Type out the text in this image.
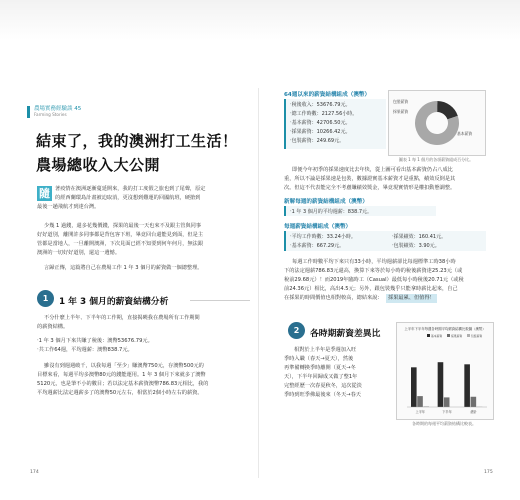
農場實務經驗談 45
Farming Stories
結束了，我的澳洲打工生活！
農場總收入大公開
隨 著疫情在澳洲逐漸蔓延開來，我的打工度假之旅也到了尾聲，原定
的經西蘭環島計畫被迫取消，更沒想到難運的回國航班，硬搶到
最後一趟飛航才到達台灣。
少幾 1 過錢，還多花幾價錢，探果的最後一天也來不及跟主管與同事
好好道別，離開許多同事都是背包客下班，畢竟回台還能見到面，但是主
管都是當地人，一旦離開澳洲，下次見面已經不知要到何年何月，無法跟
澳洲的一切好好道別，還這一遺憾。
言歸正傳，這篇將自己在農場工作 1 年 3 個月的薪資做一個總整理。
1	1 年 3 個月的薪資結構分析
不分什麼上半年、下半年的工作期，直接揭曉我在農場所有工作期間
的薪資結構。
‧1 年 3 個月下來共賺了稅後：澳幣53676.79元。
‧共工作64週，平均週薪：澳幣838.7元。
雖沒有到週週破千，以我每週「至少」賺澳幣750元，存澳幣500元的
目標來看，每週平均多澳幣80元的錢能運用。1 年 3 個月下來就多了澳幣
5120元，也是筆不小的數目；若以法定基本薪資澳幣786.83元相比，我的
平均週薪比法定週薪多了的澳幣50元左右，相當於2個小時左右的薪資。
174
64週以來的薪資結構組成（澳幣）
‧稅後收入：53676.79元。
‧總工作時數：2127.56小時。
‧基本薪資：42706.50元。
‧採果薪資：10266.42元。
‧包裝薪資：249.69元。
包裝薪資
採果薪資
基本薪資
圖表 1 每 1 個月的各項薪資組成百分比。
即便今年初季的採果速度比去年快，從上圖可看出基本薪資仍占八成比
重，所以不論是採果速是包裝，數據證實基本薪資才是重點，績效反倒是其
次。但這不代表能完全不考慮賺績效獎金，畢竟現實情形是權扣動態調整。
新解每週的薪資結構組成（澳幣）
‧1 年 3 個月的平均週薪：838.7元。
每週薪資結構組成（澳幣）
‧平均工作時數：33.24小時。
‧基本薪資：667.29元。
‧採果績效：160.41元。
‧包裝績效：3.90元。
每週工作時數平均下來只有33小時，平均週薪卻比每週標準工時38小時
下的法定週薪786.83元還高，換算下來等於每小時的稅後薪資達25.23元（或
稅前29.68元）！而2019年臨時工（Casual）最低每小時稅後20.71元（或稅
前24.36元）相比，高出4.5元；另外，跟包裝幾乎只能拿時薪比起來，自己
在採果的時間價值也相對較高，總結來說：	採果最累、但值得！
2	各時期薪資差異比
相對於上半年是季週加入旺
季時入職（春天→夏天），然後
再準備轉換季時離開（夏天→冬
天），下半年回歸成又做了整1年
完整經歷一次春夏秋冬，這次從淡
季時到旺季佛最後來（冬天→春天
上半年下半年每週各時期平均薪資結構比較圖（澳幣）
基本薪資	採果薪資	包裝薪資
上半年	下半年	總計
各時期的每週平均薪資結構比較表。
175
